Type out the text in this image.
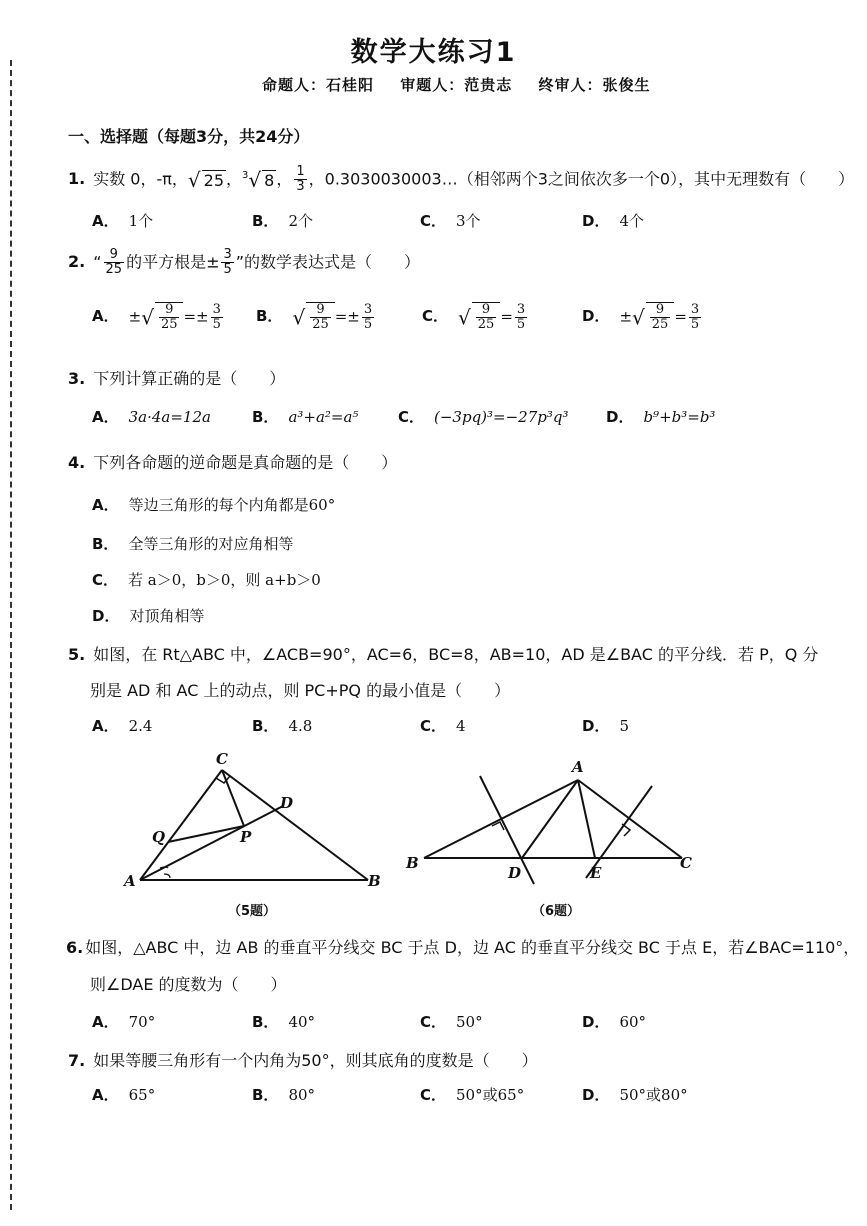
数学大练习1
命题人：石桂阳 审题人：范贵志 终审人：张俊生
一、选择题（每题3分，共24分）
1. 实数 0，-π，√ 25 ，$^3$√ 8 ， $\frac{1}{3}$ ，0.3030030003…（相邻两个3之间依次多一个0），其中无理数有（　　）
A． 1个	B． 2个	C． 3个	D． 4个
2. “ $\frac{9}{25}$ 的平方根是± $\frac{3}{5}$ ”的数学表达式是（　　）
A． ±√ $\frac{9}{25} =\pm \frac{3}{5}$ B． √ $\frac{9}{25} =\pm \frac{3}{5}$	C． √ $\frac{9}{25} = \frac{3}{5}$	D． ±√ $\frac{9}{25} = \frac{3}{5}$
3. 下列计算正确的是（　　）
A． 3a·4a=12a	B． a³+a²=a⁵	C． (−3pq)³=−27p³q³ D． b⁹+b³=b³
4. 下列各命题的逆命题是真命题的是（　　）
A． 等边三角形的每个内角都是60°
B． 全等三角形的对应角相等
C． 若 a＞0，b＞0，则 a+b＞0
D． 对顶角相等
5. 如图，在 Rt△ABC 中，∠ACB=90°，AC=6，BC=8，AB=10，AD 是∠BAC 的平分线．若 P，Q 分
别是 AD 和 AC 上的动点，则 PC+PQ 的最小值是（　　）
A． 2.4	B． 4.8	C． 4	D． 5
C
D
Q	P
A	B
（5题）
A
B
D	E
C
（6题）
6. 如图，△ABC 中，边 AB 的垂直平分线交 BC 于点 D，边 AC 的垂直平分线交 BC 于点 E，若∠BAC=110°，
则∠DAE 的度数为（　　）
A． 70°	B． 40°	C． 50°	D． 60°
7. 如果等腰三角形有一个内角为50°，则其底角的度数是（　　）
A． 65°	B． 80°	C． 50°或65°	D． 50°或80°
